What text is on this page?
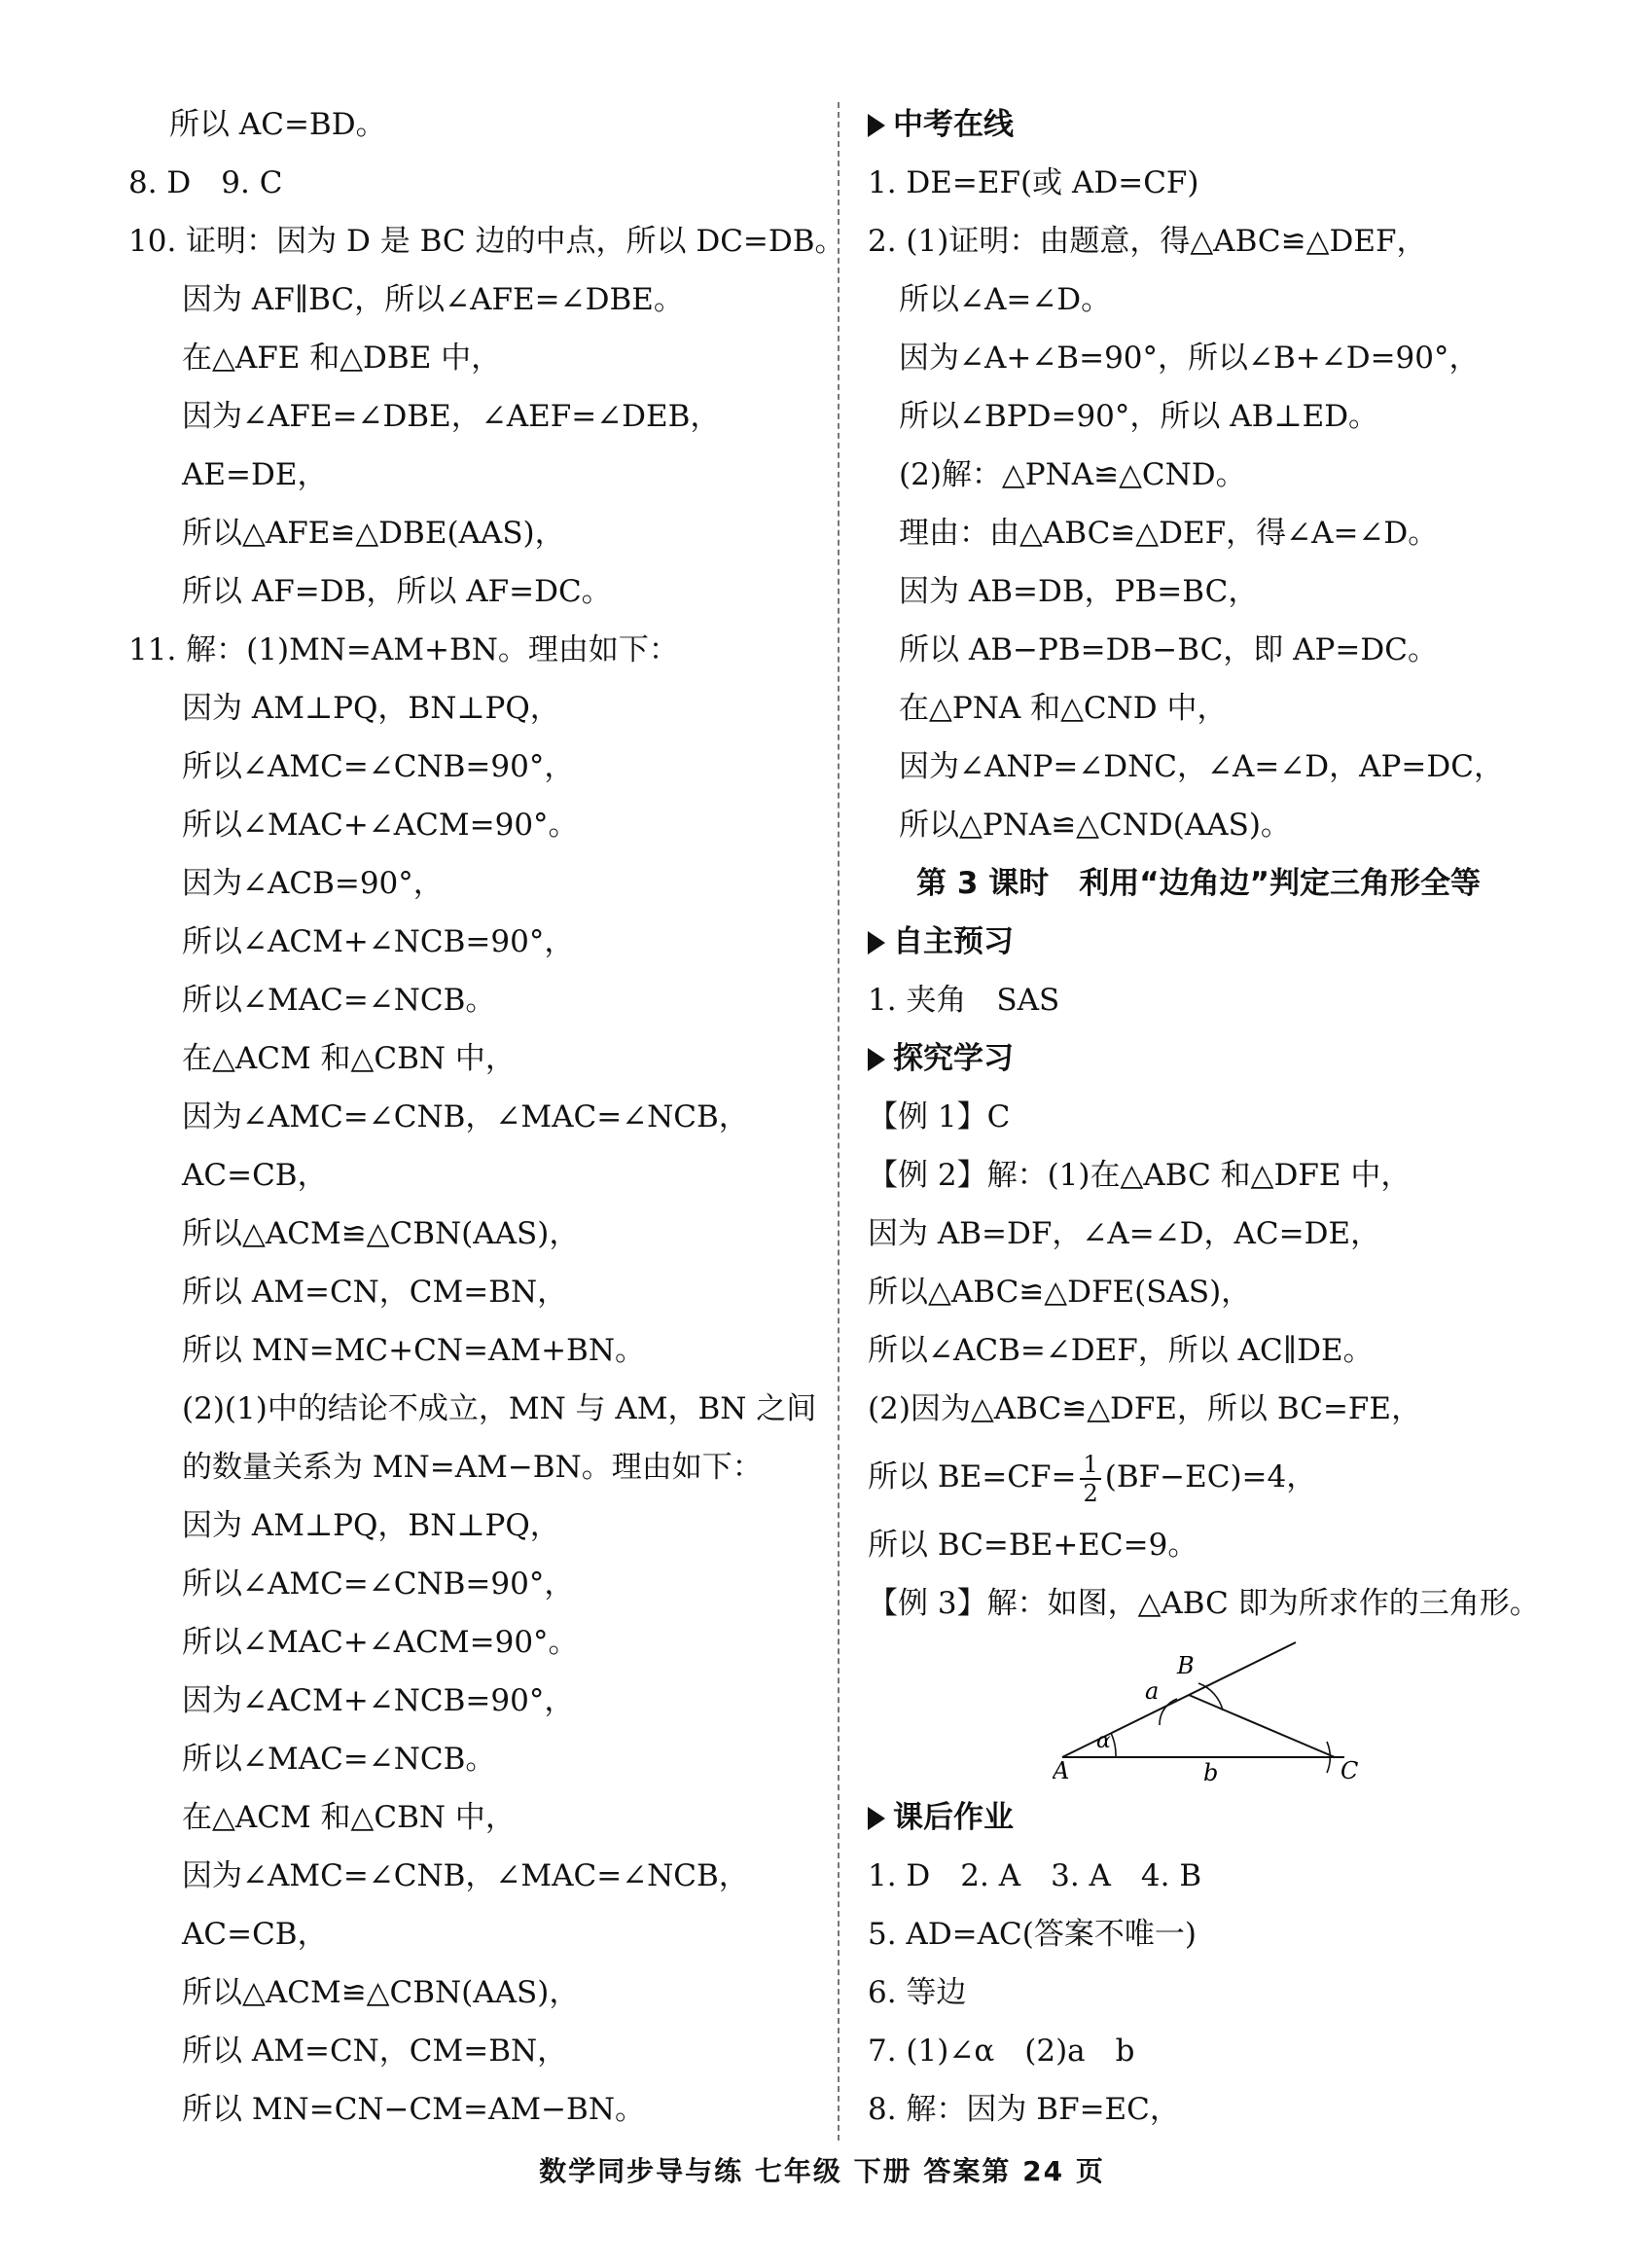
所以 AC=BD。
8. D　9. C
10. 证明：因为 D 是 BC 边的中点，所以 DC=DB。
因为 AF∥BC，所以∠AFE=∠DBE。
在△AFE 和△DBE 中，
因为∠AFE=∠DBE，∠AEF=∠DEB，
AE=DE，
所以△AFE≌△DBE(AAS)，
所以 AF=DB，所以 AF=DC。
11. 解：(1)MN=AM+BN。理由如下：
因为 AM⊥PQ，BN⊥PQ，
所以∠AMC=∠CNB=90°，
所以∠MAC+∠ACM=90°。
因为∠ACB=90°，
所以∠ACM+∠NCB=90°，
所以∠MAC=∠NCB。
在△ACM 和△CBN 中，
因为∠AMC=∠CNB，∠MAC=∠NCB，
AC=CB，
所以△ACM≌△CBN(AAS)，
所以 AM=CN，CM=BN，
所以 MN=MC+CN=AM+BN。
(2)(1)中的结论不成立，MN 与 AM，BN 之间
的数量关系为 MN=AM−BN。理由如下：
因为 AM⊥PQ，BN⊥PQ，
所以∠AMC=∠CNB=90°，
所以∠MAC+∠ACM=90°。
因为∠ACM+∠NCB=90°，
所以∠MAC=∠NCB。
在△ACM 和△CBN 中，
因为∠AMC=∠CNB，∠MAC=∠NCB，
AC=CB，
所以△ACM≌△CBN(AAS)，
所以 AM=CN，CM=BN，
所以 MN=CN−CM=AM−BN。
中考在线
1. DE=EF(或 AD=CF)
2. (1)证明：由题意，得△ABC≌△DEF，
所以∠A=∠D。
因为∠A+∠B=90°，所以∠B+∠D=90°，
所以∠BPD=90°，所以 AB⊥ED。
(2)解：△PNA≌△CND。
理由：由△ABC≌△DEF，得∠A=∠D。
因为 AB=DB，PB=BC，
所以 AB−PB=DB−BC，即 AP=DC。
在△PNA 和△CND 中，
因为∠ANP=∠DNC，∠A=∠D，AP=DC，
所以△PNA≌△CND(AAS)。
第 3 课时　利用“边角边”判定三角形全等
自主预习
1. 夹角　SAS
探究学习
【例 1】C
【例 2】解：(1)在△ABC 和△DFE 中，
因为 AB=DF，∠A=∠D，AC=DE，
所以△ABC≌△DFE(SAS)，
所以∠ACB=∠DEF，所以 AC∥DE。
(2)因为△ABC≌△DFE，所以 BC=FE，
所以 $BE=CF= \frac{1}{2} (BF-EC)=4$，
所以 BC=BE+EC=9。
【例 3】解：如图，△ABC 即为所求作的三角形。
A
B
C
a
b
α
课后作业
1. D　2. A　3. A　4. B
5. AD=AC(答案不唯一)
6. 等边
7. (1)∠α　(2)a　b
8. 解：因为 BF=EC，
数学同步导与练 七年级 下册 答案第 24 页
